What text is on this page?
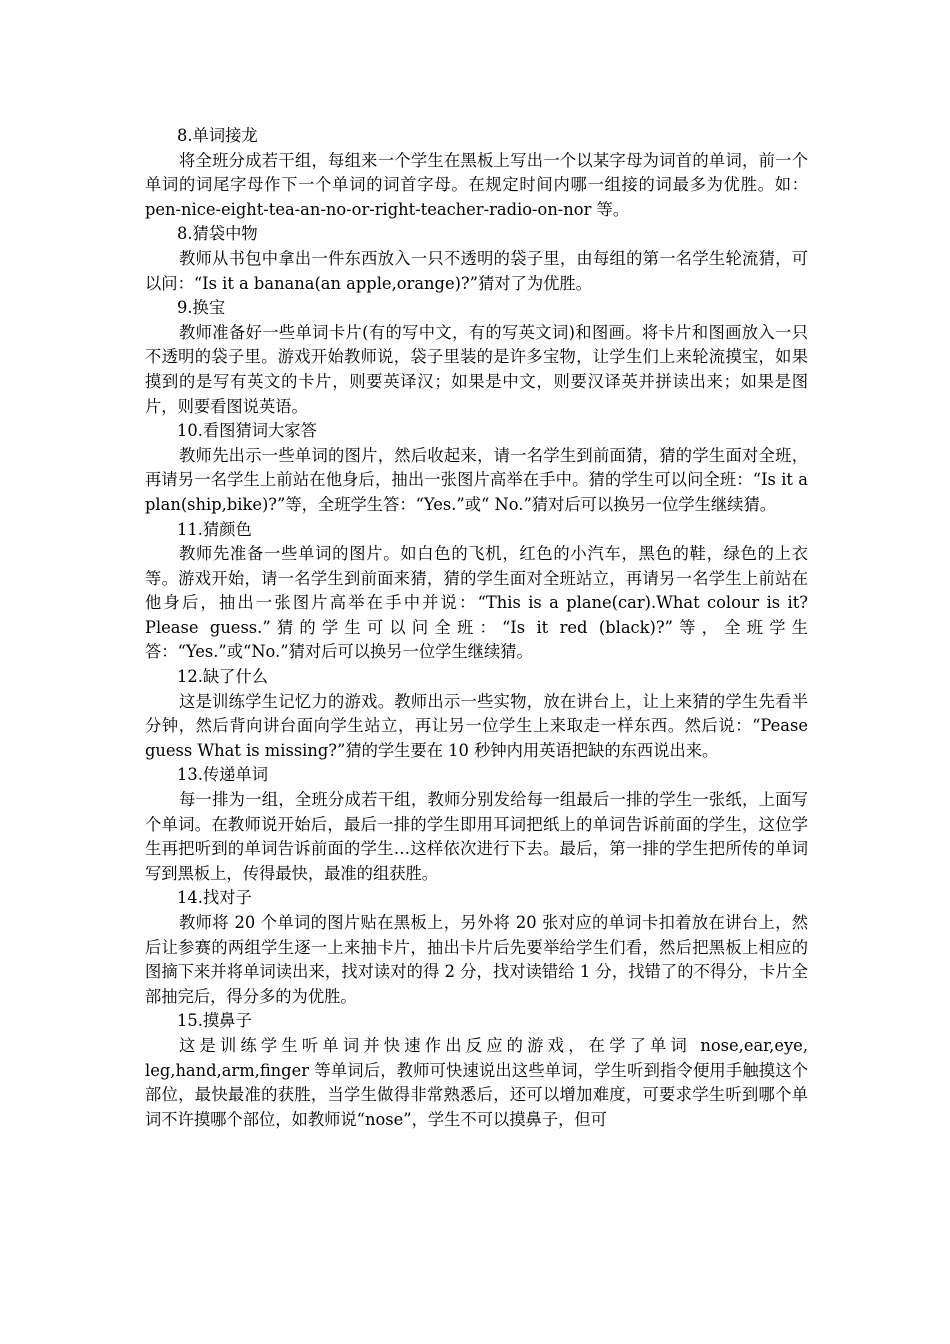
8.单词接龙

将全班分成若干组，每组来一个学生在黑板上写出一个以某字母为词首的单词，前一个单词的词尾字母作下一个单词的词首字母。在规定时间内哪一组接的词最多为优胜。如：pen-nice-eight-tea-an-no-or-right-teacher-radio-on-nor 等。

8.猜袋中物

教师从书包中拿出一件东西放入一只不透明的袋子里，由每组的第一名学生轮流猜，可以问：“Is it a banana(an apple,orange)?”猜对了为优胜。

9.换宝

教师准备好一些单词卡片(有的写中文，有的写英文词)和图画。将卡片和图画放入一只不透明的袋子里。游戏开始教师说，袋子里装的是许多宝物，让学生们上来轮流摸宝，如果摸到的是写有英文的卡片，则要英译汉；如果是中文，则要汉译英并拼读出来；如果是图片，则要看图说英语。

10.看图猜词大家答

教师先出示一些单词的图片，然后收起来，请一名学生到前面猜，猜的学生面对全班，再请另一名学生上前站在他身后，抽出一张图片高举在手中。猜的学生可以问全班：“Is it a plan(ship,bike)?”等，全班学生答：“Yes.”或“ No.”猜对后可以换另一位学生继续猜。

11.猜颜色

教师先准备一些单词的图片。如白色的飞机，红色的小汽车，黑色的鞋，绿色的上衣等。游戏开始，请一名学生到前面来猜，猜的学生面对全班站立，再请另一名学生上前站在他身后，抽出一张图片高举在手中并说：“This is a plane(car).What colour is it?Please guess.”猜的学生可以问全班：“Is it red (black)?”等，全班学生答：“Yes.”或“No.”猜对后可以换另一位学生继续猜。

12.缺了什么

这是训练学生记忆力的游戏。教师出示一些实物，放在讲台上，让上来猜的学生先看半分钟，然后背向讲台面向学生站立，再让另一位学生上来取走一样东西。然后说：“Pease guess What is missing?”猜的学生要在 10 秒钟内用英语把缺的东西说出来。

13.传递单词

每一排为一组，全班分成若干组，教师分别发给每一组最后一排的学生一张纸，上面写个单词。在教师说开始后，最后一排的学生即用耳词把纸上的单词告诉前面的学生，这位学生再把听到的单词告诉前面的学生…这样依次进行下去。最后，第一排的学生把所传的单词写到黑板上，传得最快，最准的组获胜。

14.找对子

教师将 20 个单词的图片贴在黑板上，另外将 20 张对应的单词卡扣着放在讲台上，然后让参赛的两组学生逐一上来抽卡片，抽出卡片后先要举给学生们看，然后把黑板上相应的图摘下来并将单词读出来，找对读对的得 2 分，找对读错给 1 分，找错了的不得分，卡片全部抽完后，得分多的为优胜。

15.摸鼻子

这是训练学生听单词并快速作出反应的游戏，在学了单词 nose,ear,eye, leg,hand,arm,finger 等单词后，教师可快速说出这些单词，学生听到指令便用手触摸这个部位，最快最准的获胜，当学生做得非常熟悉后，还可以增加难度，可要求学生听到哪个单词不许摸哪个部位，如教师说“nose”，学生不可以摸鼻子，但可
